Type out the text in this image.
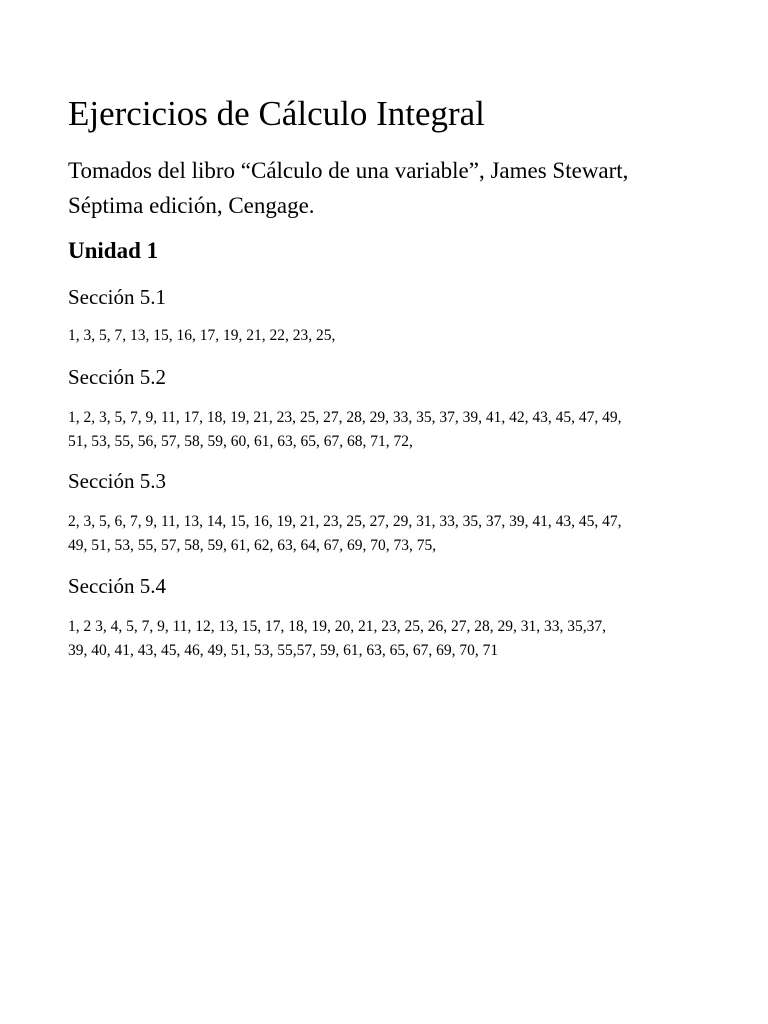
Ejercicios de Cálculo Integral
Tomados del libro “Cálculo de una variable”, James Stewart,
Séptima edición, Cengage.
Unidad 1
Sección 5.1
1, 3, 5, 7, 13, 15, 16, 17, 19, 21, 22, 23, 25,
Sección 5.2
1, 2, 3, 5, 7, 9, 11, 17, 18, 19, 21, 23, 25, 27, 28, 29, 33, 35, 37, 39, 41, 42, 43, 45, 47, 49,
51, 53, 55, 56, 57, 58, 59, 60, 61, 63, 65, 67, 68, 71, 72,
Sección 5.3
2, 3, 5, 6, 7, 9, 11, 13, 14, 15, 16, 19, 21, 23, 25, 27, 29, 31, 33, 35, 37, 39, 41, 43, 45, 47,
49, 51, 53, 55, 57, 58, 59, 61, 62, 63, 64, 67, 69, 70, 73, 75,
Sección 5.4
1, 2 3, 4, 5, 7, 9, 11, 12, 13, 15, 17, 18, 19, 20, 21, 23, 25, 26, 27, 28, 29, 31, 33, 35,37,
39, 40, 41, 43, 45, 46, 49, 51, 53, 55,57, 59, 61, 63, 65, 67, 69, 70, 71
